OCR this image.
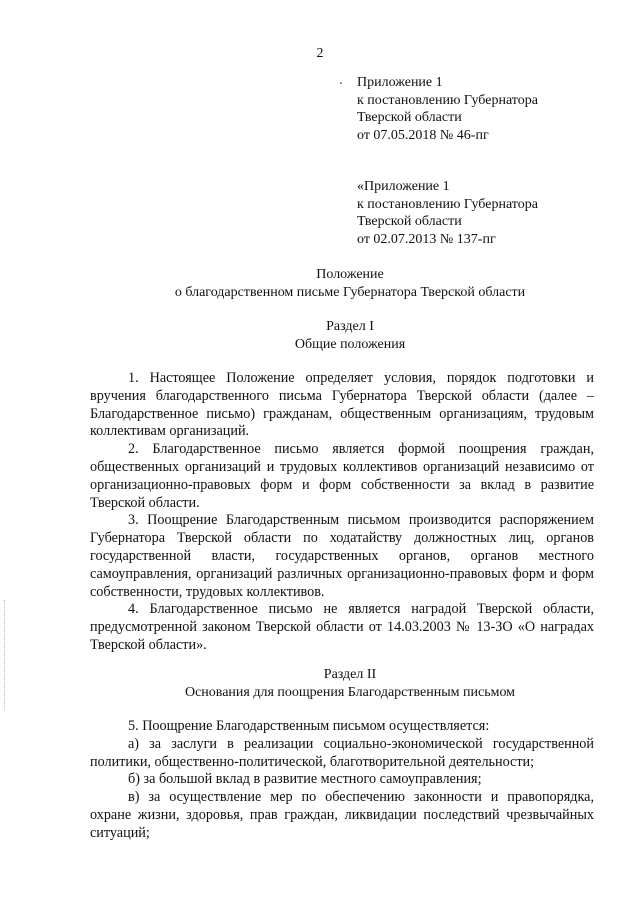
2
Приложение 1
к постановлению Губернатора
Тверской области
от 07.05.2018 № 46-пг
«Приложение 1
к постановлению Губернатора
Тверской области
от 02.07.2013 № 137-пг
Положение
о благодарственном письме Губернатора Тверской области
Раздел I
Общие положения

1. Настоящее Положение определяет условия, порядок подготовки и вручения благодарственного письма Губернатора Тверской области (далее – Благодарственное письмо) гражданам, общественным организациям, трудовым коллективам организаций.

2. Благодарственное письмо является формой поощрения граждан, общественных организаций и трудовых коллективов организаций независимо от организационно-правовых форм и форм собственности за вклад в развитие Тверской области.

3. Поощрение Благодарственным письмом производится распоряжением Губернатора Тверской области по ходатайству должностных лиц, органов государственной власти, государственных органов, органов местного самоуправления, организаций различных организационно-правовых форм и форм собственности, трудовых коллективов.

4. Благодарственное письмо не является наградой Тверской области, предусмотренной законом Тверской области от 14.03.2003 № 13-ЗО «О наградах Тверской области».

Раздел II
Основания для поощрения Благодарственным письмом

5. Поощрение Благодарственным письмом осуществляется:

а) за заслуги в реализации социально-экономической государственной политики, общественно-политической, благотворительной деятельности;

б) за большой вклад в развитие местного самоуправления;

в) за осуществление мер по обеспечению законности и правопорядка, охране жизни, здоровья, прав граждан, ликвидации последствий чрезвычайных ситуаций;
